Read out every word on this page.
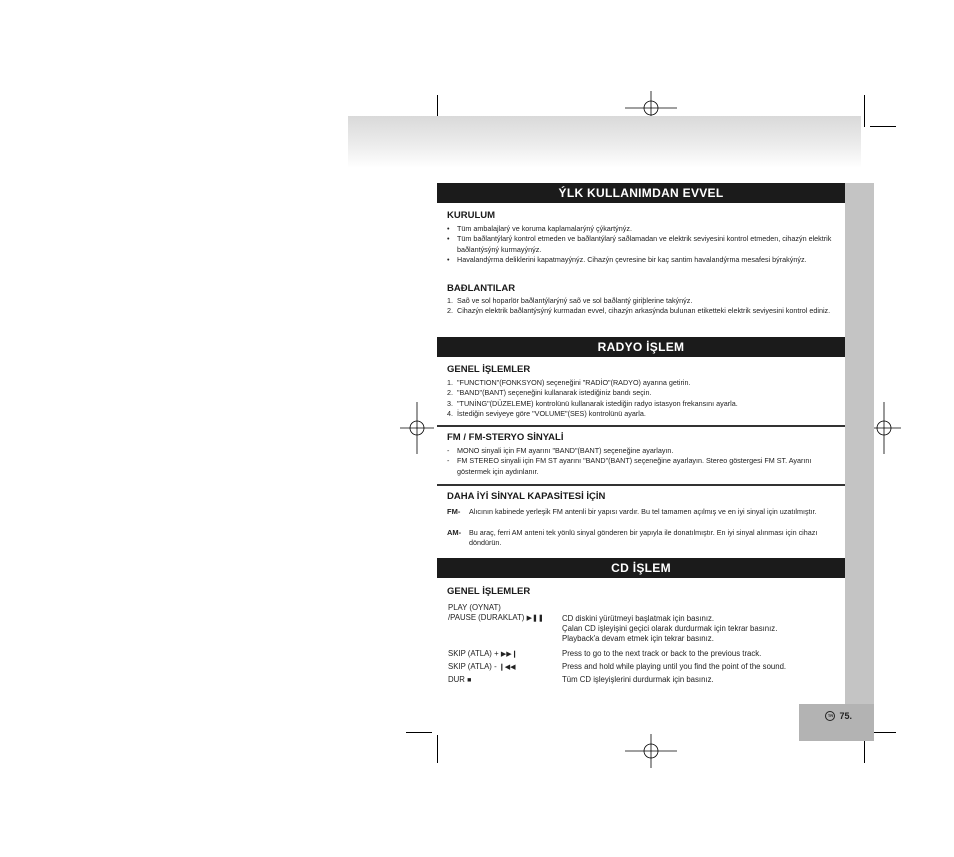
TR 75.
ÝLK KULLANIMDAN EVVEL
KURULUM
• Tüm ambalajlarý ve koruma kaplamalarýný çýkartýnýz.
• Tüm baðlantýlarý kontrol etmeden ve baðlantýlarý saðlamadan ve elektrik seviyesini kontrol etmeden, cihazýn elektrik baðlantýsýný kurmayýnýz.
• Havalandýrma deliklerini kapatmayýnýz. Cihazýn çevresine bir kaç santim havalandýrma mesafesi býrakýnýz.
BAÐLANTILAR
1. Saõ ve sol hoparlör baðlantýlarýný saõ ve sol baðlantý giriþlerine takýnýz.
2. Cihazýn elektrik baðlantýsýný kurmadan evvel, cihazýn arkasýnda bulunan etiketteki elektrik seviyesini kontrol ediniz.
RADYO İŞLEM
GENEL İŞLEMLER
1. "FUNCTION"(FONKSYON) seçeneğini "RADİO"(RADYO) ayarına getirin.
2. "BAND"(BANT) seçeneğini kullanarak istediğiniz bandı seçin.
3. "TUNİNG"(DÜZELEME) kontrolünü kullanarak istediğin radyo istasyon frekansını ayarla.
4. İstediğin seviyeye göre "VOLUME"(SES) kontrolünü ayarla.
FM / FM-STERYO SİNYALİ
- MONO sinyali için FM ayarını "BAND"(BANT) seçeneğine ayarlayın.
- FM STEREO sinyali için FM ST ayarını "BAND"(BANT) seçeneğine ayarlayın. Stereo göstergesi FM ST. Ayarını göstermek için aydınlanır.
DAHA İYİ SİNYAL KAPASİTESİ İÇİN
FM- Alıcının kabinede yerleşik FM antenli bir yapısı vardır. Bu tel tamamen açılmış ve en iyi sinyal için uzatılmıştır.
AM- Bu araç, ferri AM anteni tek yönlü sinyal gönderen bir yapıyla ile donatılmıştır. En iyi sinyal alınması için cihazı döndürün.
CD İŞLEM
GENEL İŞLEMLER
PLAY (OYNAT)
/PAUSE (DURAKLAT) ▶❚❚ CD diskini yürütmeyi başlatmak için basınız.
Çalan CD işleyişini geçici olarak durdurmak için tekrar basınız.
Playback'a devam etmek için tekrar basınız.
SKIP (ATLA) + ▶▶❙	Press to go to the next track or back to the previous track.
SKIP (ATLA) - ❙◀◀	Press and hold while playing until you find the point of the sound.
DUR ■	Tüm CD işleyişlerini durdurmak için basınız.
